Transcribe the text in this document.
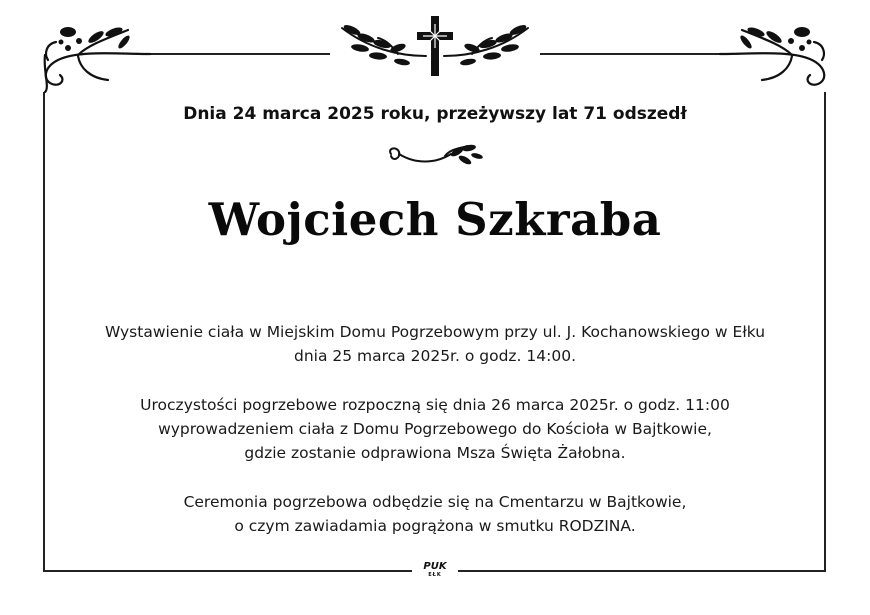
Dnia 24 marca 2025 roku, przeżywszy lat 71 odszedł
Wojciech Szkraba
Wystawienie ciała w Miejskim Domu Pogrzebowym przy ul. J. Kochanowskiego w Ełku
dnia 25 marca 2025r. o godz. 14:00.
Uroczystości pogrzebowe rozpoczną się dnia 26 marca 2025r. o godz. 11:00
wyprowadzeniem ciała z Domu Pogrzebowego do Kościoła w Bajtkowie,
gdzie zostanie odprawiona Msza Święta Żałobna.
Ceremonia pogrzebowa odbędzie się na Cmentarzu w Bajtkowie,
o czym zawiadamia pogrążona w smutku RODZINA.
PUK
EŁK
